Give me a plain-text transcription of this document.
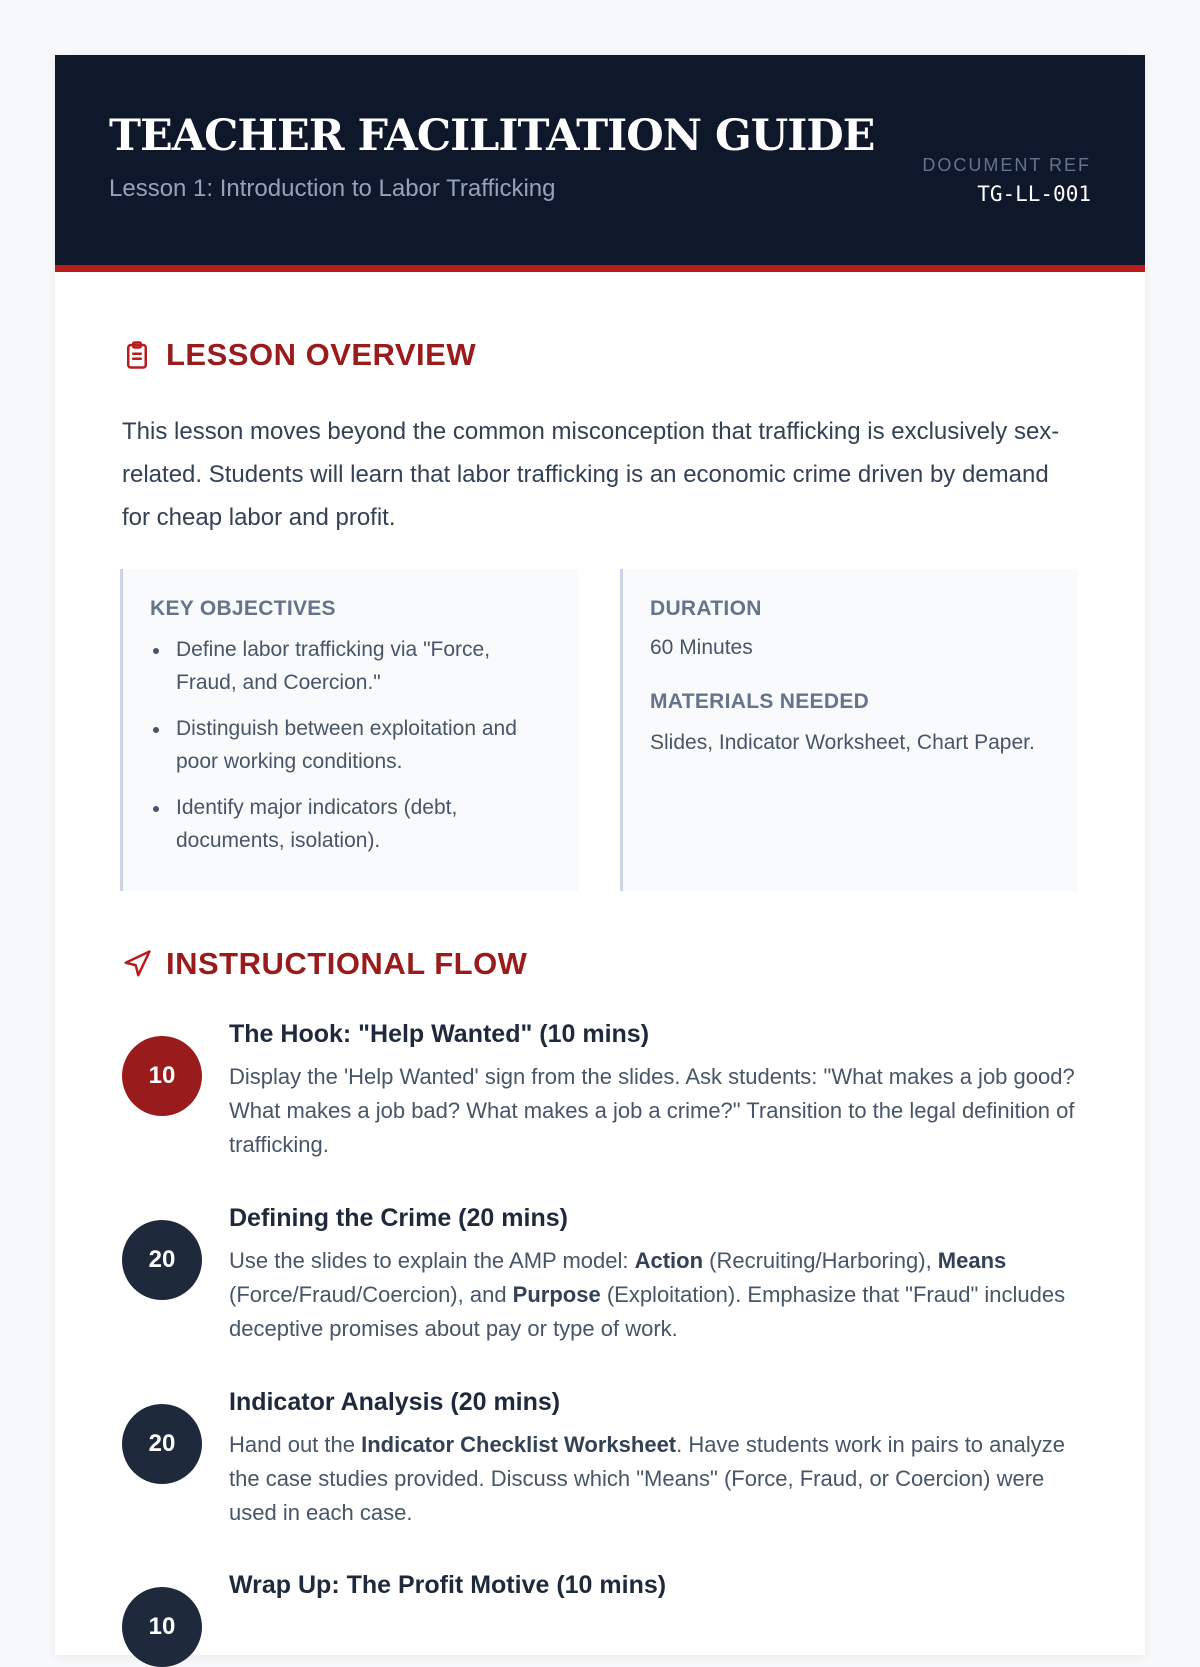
TEACHER FACILITATION GUIDE
Lesson 1: Introduction to Labor Trafficking
DOCUMENT REF
TG-LL-001
LESSON OVERVIEW

This lesson moves beyond the common misconception that trafficking is exclusively sex-related. Students will learn that labor trafficking is an economic crime driven by demand for cheap labor and profit.

KEY OBJECTIVES
Define labor trafficking via "Force, Fraud, and Coercion."
Distinguish between exploitation and poor working conditions.
Identify major indicators (debt, documents, isolation).
DURATION
60 Minutes
MATERIALS NEEDED
Slides, Indicator Worksheet, Chart Paper.
INSTRUCTIONAL FLOW
10
The Hook: "Help Wanted" (10 mins)
Display the 'Help Wanted' sign from the slides. Ask students: "What makes a job good? What makes a job bad? What makes a job a crime?" Transition to the legal definition of trafficking.
20
Defining the Crime (20 mins)
Use the slides to explain the AMP model: Action (Recruiting/Harboring), Means (Force/Fraud/Coercion), and Purpose (Exploitation). Emphasize that "Fraud" includes deceptive promises about pay or type of work.
20
Indicator Analysis (20 mins)
Hand out the Indicator Checklist Worksheet. Have students work in pairs to analyze the case studies provided. Discuss which "Means" (Force, Fraud, or Coercion) were used in each case.
10
Wrap Up: The Profit Motive (10 mins)
